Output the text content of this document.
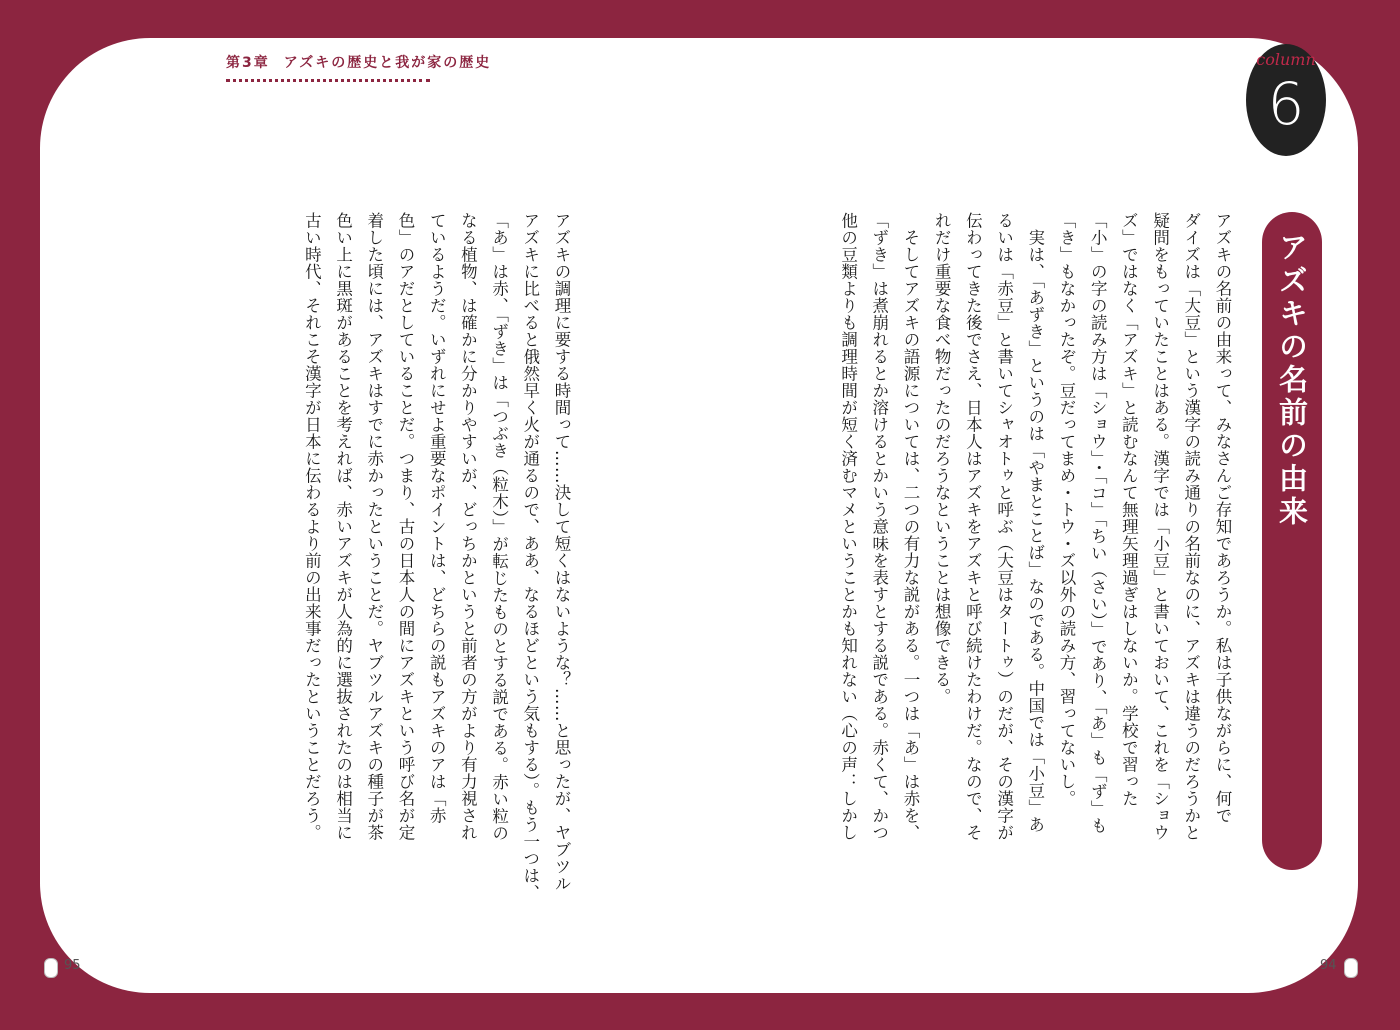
第3章 アズキの歴史と我が家の歴史	column
6
アズキの名前の由来
アズキの名前の由来って、みなさんご存知であろうか。私は子供ながらに、何で
ダイズは「大豆」という漢字の読み通りの名前なのに、アズキは違うのだろうかと
疑問をもっていたことはある。漢字では「小豆」と書いておいて、これを「ショウ
ズ」ではなく「アズキ」と読むなんて無理矢理過ぎはしないか。学校で習った
「小」の字の読み方は「ショウ」・「コ」「ちい（さい）」であり、「あ」も「ず」も
「き」もなかったぞ。豆だってまめ・トウ・ズ以外の読み方、習ってないし。
　実は、「あずき」というのは「やまとことば」なのである。中国では「小豆」あ
るいは「赤豆」と書いてシャオトゥと呼ぶ（大豆はタートゥ）のだが、その漢字が
伝わってきた後でさえ、日本人はアズキをアズキと呼び続けたわけだ。なので、そ
れだけ重要な食べ物だったのだろうなということは想像できる。
　そしてアズキの語源については、二つの有力な説がある。一つは「あ」は赤を、
「ずき」は煮崩れるとか溶けるとかいう意味を表すとする説である。赤くて、かつ
他の豆類よりも調理時間が短く済むマメということかも知れない（心の声：しかし
アズキの調理に要する時間って……決して短くはないような？……と思ったが、ヤブツル
アズキに比べると俄然早く火が通るので、ああ、なるほどという気もする）。もう一つは、
「あ」は赤、「ずき」は「つぶき（粒木）」が転じたものとする説である。赤い粒の
なる植物、は確かに分かりやすいが、どっちかというと前者の方がより有力視され
ているようだ。いずれにせよ重要なポイントは、どちらの説もアズキのアは「赤
色」のアだとしていることだ。つまり、古の日本人の間にアズキという呼び名が定
着した頃には、アズキはすでに赤かったということだ。ヤブツルアズキの種子が茶
色い上に黒斑があることを考えれば、赤いアズキが人為的に選抜されたのは相当に
古い時代、それこそ漢字が日本に伝わるより前の出来事だったということだろう。
95	94
